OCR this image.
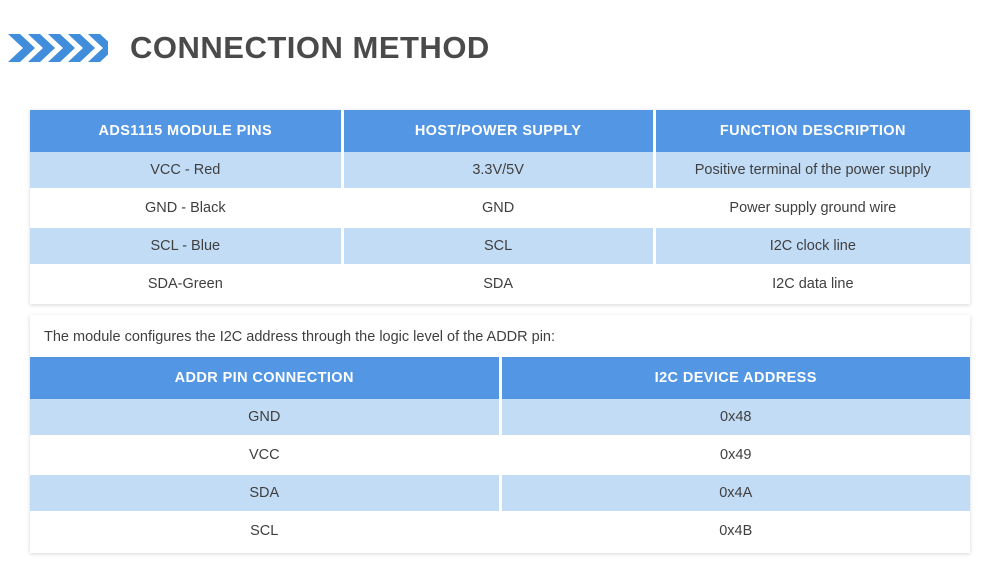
CONNECTION METHOD
ADS1115 MODULE PINS	HOST/POWER SUPPLY	FUNCTION DESCRIPTION
VCC - Red	3.3V/5V	Positive terminal of the power supply
GND - Black	GND	Power supply ground wire
SCL - Blue	SCL	I2C clock line
SDA-Green	SDA	I2C data line
The module configures the I2C address through the logic level of the ADDR pin:
ADDR PIN CONNECTION	I2C DEVICE ADDRESS
GND	0x48
VCC	0x49
SDA	0x4A
SCL	0x4B
